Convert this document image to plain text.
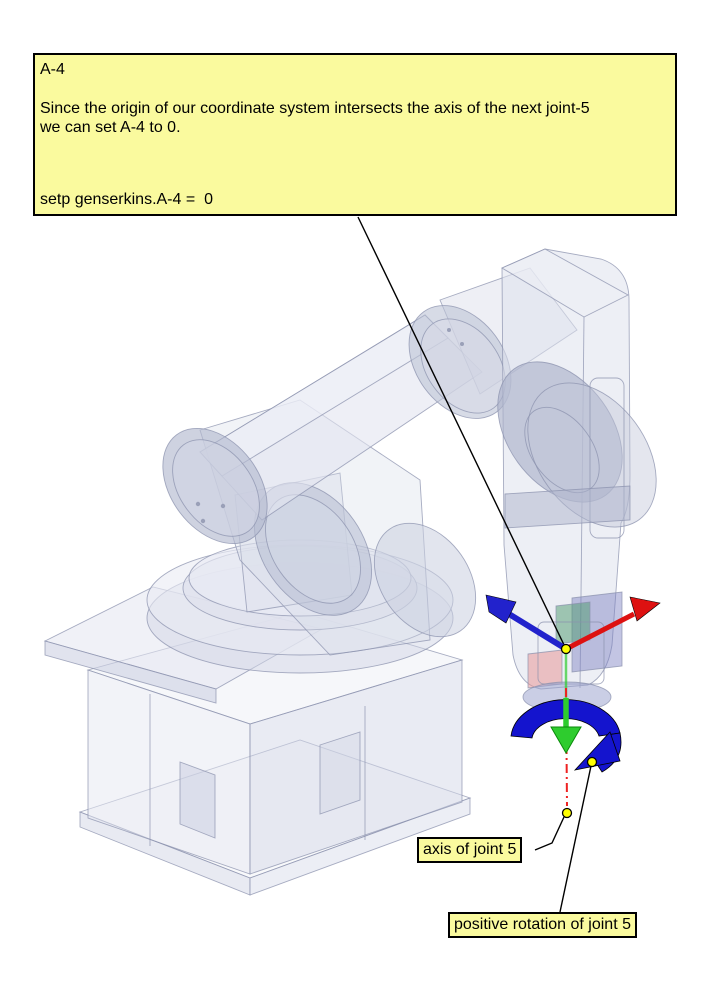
A-4
Since the origin of our coordinate system intersects the axis of the next joint-5
we can set A-4 to 0.
setp genserkins.A-4 =  0
axis of joint 5
positive rotation of joint 5
